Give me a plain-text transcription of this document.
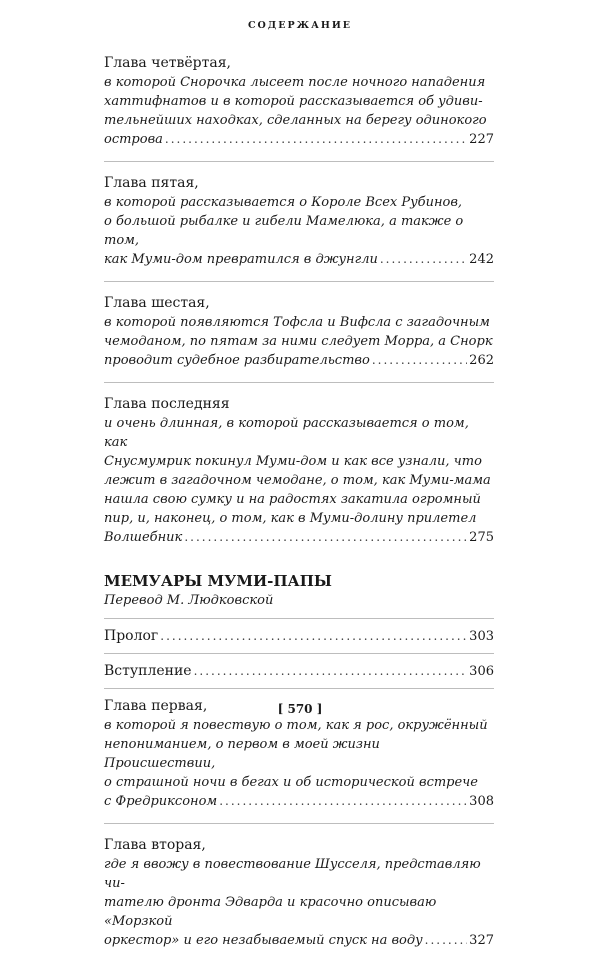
СОДЕРЖАНИЕ
Глава четвёртая,
в которой Снорочка лысеет после ночного нападения
хаттифнатов и в которой рассказывается об удиви-
тельнейших находках, сделанных на берегу одинокого
острова .....	227
Глава пятая,
в которой рассказывается о Короле Всех Рубинов,
о большой рыбалке и гибели Мамелюка, а также о том,
как Муми-дом превратился в джунгли .....	242
Глава шестая,
в которой появляются Тофсла и Вифсла с загадочным
чемоданом, по пятам за ними следует Морра, а Снорк
проводит судебное разбирательство .....	262
Глава последняя
и очень длинная, в которой рассказывается о том, как
Снусмумрик покинул Муми-дом и как все узнали, что
лежит в загадочном чемодане, о том, как Муми-мама
нашла свою сумку и на радостях закатила огромный
пир, и, наконец, о том, как в Муми-долину прилетел
Волшебник .....	275
МЕМУАРЫ МУМИ-ПАПЫ
Перевод М. Людковской
Пролог .....	303
Вступление .....	306
Глава первая,
в которой я повествую о том, как я рос, окружённый
непониманием, о первом в моей жизни Происшествии,
о страшной ночи в бегах и об исторической встрече
с Фредриксоном .....	308
Глава вторая,
где я ввожу в повествование Шусселя, представляю чи-
тателю дронта Эдварда и красочно описываю «Морзкой
оркестор» и его незабываемый спуск на воду .....	327
[ 570 ]
